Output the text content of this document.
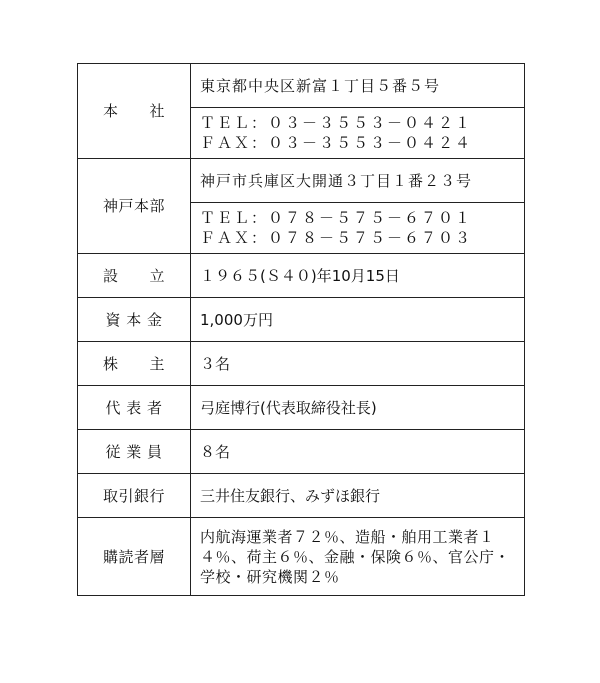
本　　社	東京都中央区新富１丁目５番５号
ＴＥＬ：０３－３５５３－０４２１
ＦＡＸ：０３－３５５３－０４２４

神戸本部	神戸市兵庫区大開通３丁目１番２３号
ＴＥＬ：０７８－５７５－６７０１
ＦＡＸ：０７８－５７５－６７０３

設　　立	１９６５(Ｓ４０)年10月15日
資 本 金	1,000万円
株　　主	３名
代 表 者	弓庭博行(代表取締役社長)
従 業 員	８名
取引銀行	三井住友銀行、みずほ銀行
購読者層	内航海運業者７２％、造船・舶用工業者１４％、荷主６％、金融・保険６％、官公庁・学校・研究機関２％
